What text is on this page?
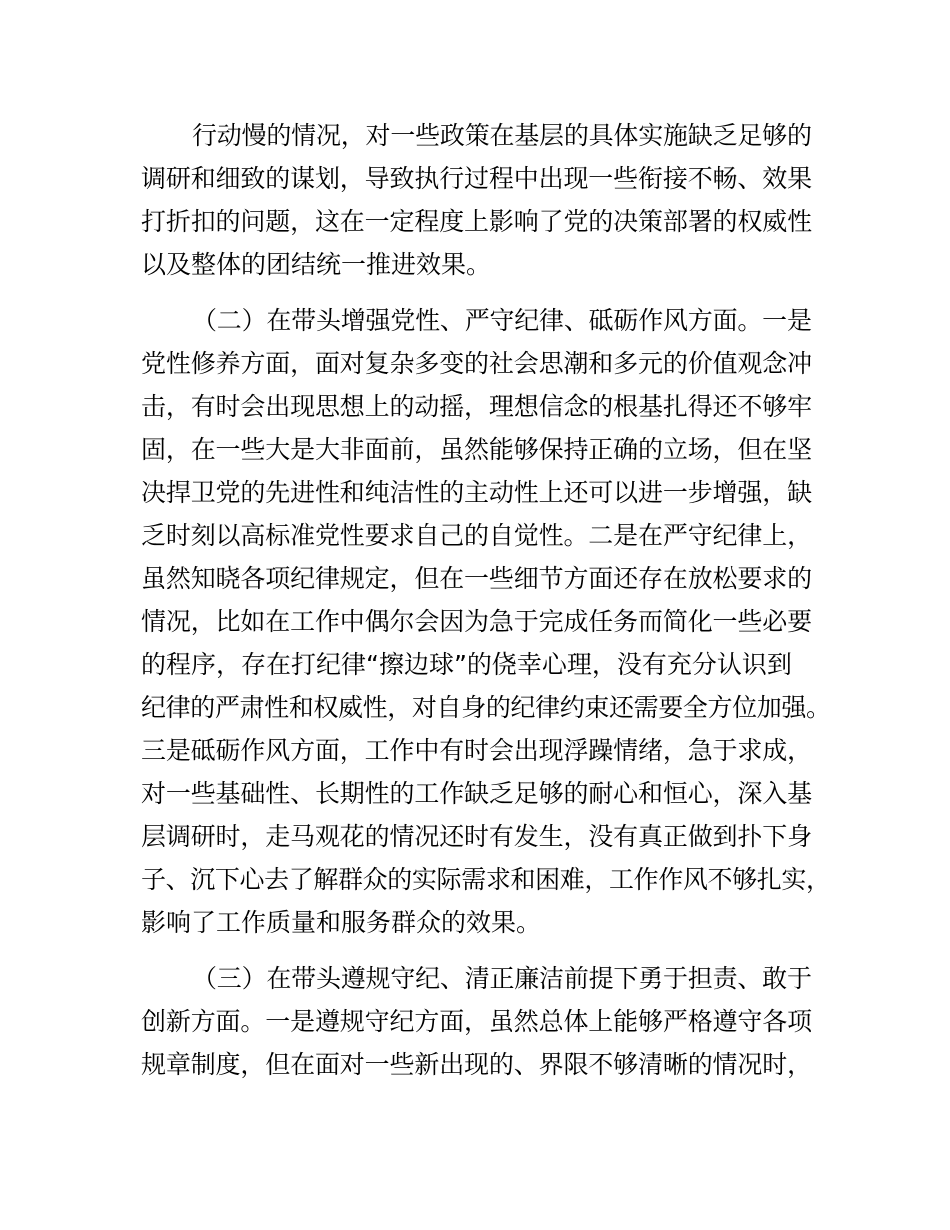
行动慢的情况，对一些政策在基层的具体实施缺乏足够的
调研和细致的谋划，导致执行过程中出现一些衔接不畅、效果
打折扣的问题，这在一定程度上影响了党的决策部署的权威性
以及整体的团结统一推进效果。
（二）在带头增强党性、严守纪律、砥砺作风方面。一是
党性修养方面，面对复杂多变的社会思潮和多元的价值观念冲
击，有时会出现思想上的动摇，理想信念的根基扎得还不够牢
固，在一些大是大非面前，虽然能够保持正确的立场，但在坚
决捍卫党的先进性和纯洁性的主动性上还可以进一步增强，缺
乏时刻以高标准党性要求自己的自觉性。二是在严守纪律上，
虽然知晓各项纪律规定，但在一些细节方面还存在放松要求的
情况，比如在工作中偶尔会因为急于完成任务而简化一些必要
的程序，存在打纪律“擦边球”的侥幸心理，没有充分认识到
纪律的严肃性和权威性，对自身的纪律约束还需要全方位加强。
三是砥砺作风方面，工作中有时会出现浮躁情绪，急于求成，
对一些基础性、长期性的工作缺乏足够的耐心和恒心，深入基
层调研时，走马观花的情况还时有发生，没有真正做到扑下身
子、沉下心去了解群众的实际需求和困难，工作作风不够扎实，
影响了工作质量和服务群众的效果。
（三）在带头遵规守纪、清正廉洁前提下勇于担责、敢于
创新方面。一是遵规守纪方面，虽然总体上能够严格遵守各项
规章制度，但在面对一些新出现的、界限不够清晰的情况时，
